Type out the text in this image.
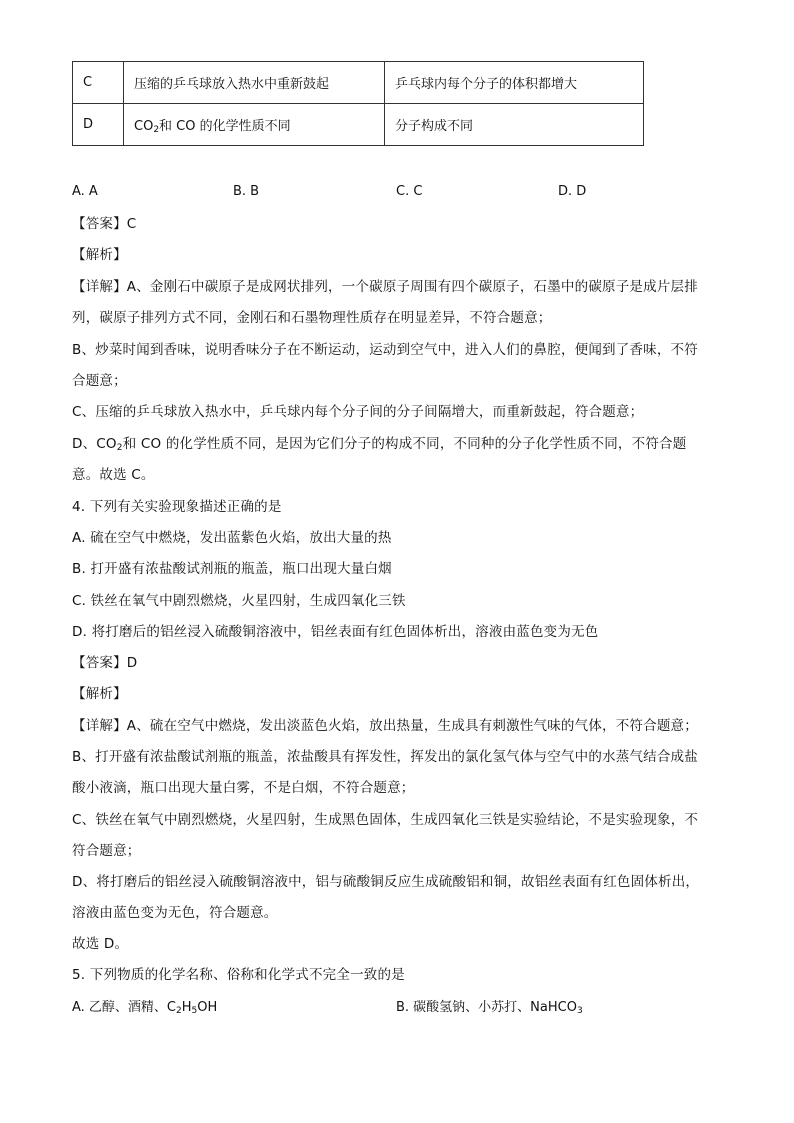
C	压缩的乒乓球放入热水中重新鼓起	乒乓球内每个分子的体积都增大
D	$CO_2$和 CO 的化学性质不同	分子构成不同
A. A	B. B	C. C	D. D
【答案】C
【解析】
【详解】A、金刚石中碳原子是成网状排列，一个碳原子周围有四个碳原子，石墨中的碳原子是成片层排
列，碳原子排列方式不同，金刚石和石墨物理性质存在明显差异，不符合题意；
B、炒菜时闻到香味，说明香味分子在不断运动，运动到空气中，进入人们的鼻腔，便闻到了香味，不符
合题意；
C、压缩的乒乓球放入热水中，乒乓球内每个分子间的分子间隔增大，而重新鼓起，符合题意；
D、$CO_2$和 CO 的化学性质不同，是因为它们分子的构成不同，不同种的分子化学性质不同，不符合题
意。故选 C。
4. 下列有关实验现象描述正确的是
A. 硫在空气中燃烧，发出蓝紫色火焰，放出大量的热
B. 打开盛有浓盐酸试剂瓶的瓶盖，瓶口出现大量白烟
C. 铁丝在氧气中剧烈燃烧，火星四射，生成四氧化三铁
D. 将打磨后的铝丝浸入硫酸铜溶液中，铝丝表面有红色固体析出，溶液由蓝色变为无色
【答案】D
【解析】
【详解】A、硫在空气中燃烧，发出淡蓝色火焰，放出热量，生成具有刺激性气味的气体，不符合题意；
B、打开盛有浓盐酸试剂瓶的瓶盖，浓盐酸具有挥发性，挥发出的氯化氢气体与空气中的水蒸气结合成盐
酸小液滴，瓶口出现大量白雾，不是白烟，不符合题意；
C、铁丝在氧气中剧烈燃烧，火星四射，生成黑色固体，生成四氧化三铁是实验结论，不是实验现象，不
符合题意；
D、将打磨后的铝丝浸入硫酸铜溶液中，铝与硫酸铜反应生成硫酸铝和铜，故铝丝表面有红色固体析出，
溶液由蓝色变为无色，符合题意。
故选 D。
5. 下列物质的化学名称、俗称和化学式不完全一致的是
A. 乙醇、酒精、$C_2H_5OH$	B. 碳酸氢钠、小苏打、NaHCO$_3$
